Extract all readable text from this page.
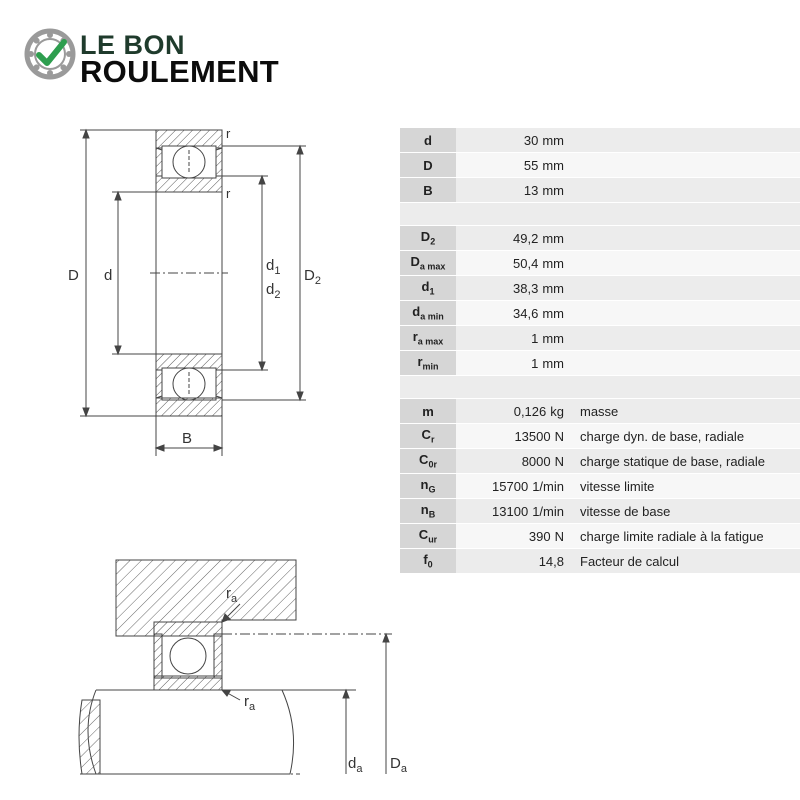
LE BON
ROULEMENT
D d
$d_1$
$d_2$
$D_2$
B
r
r
$r_a$
$r_a$
$d_a$ $D_a$
d	30 mm	
D	55 mm	
B	13 mm	

$D_2$	49,2 mm	
$D_{a max}$	50,4 mm	
$d_1$	38,3 mm	
$d_{a min}$	34,6 mm	
$r_{a max}$	1 mm	
$r_{min}$	1 mm	

m	0,126 kg	masse
$C_r$	13500 N	charge dyn. de base, radiale
$C_{0r}$	8000 N	charge statique de base, radiale
$n_G$	15700 1/min	vitesse limite
$n_B$	13100 1/min	vitesse de base
$C_{ur}$	390 N	charge limite radiale à la fatigue
$f_0$	14,8	Facteur de calcul
